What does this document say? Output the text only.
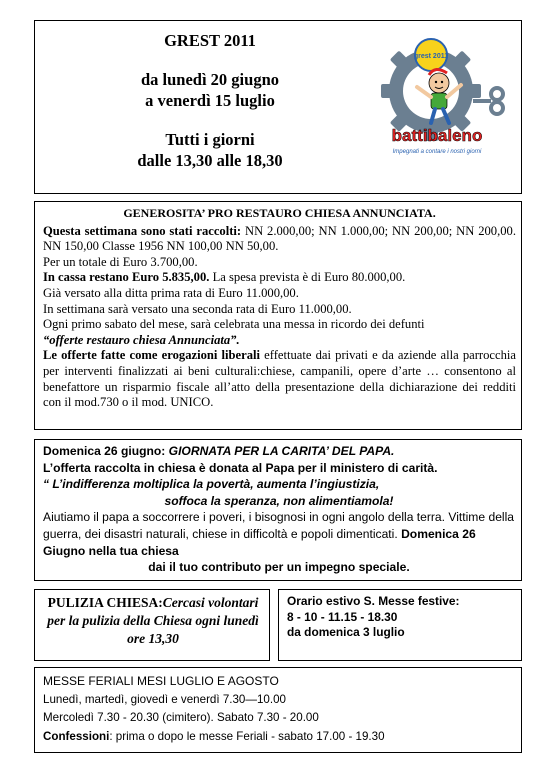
GREST 2011
da lunedì 20 giugno
a venerdì 15 luglio
Tutti i giorni
dalle 13,30 alle 18,30
grest 2011
battibaleno
Impegnati a contare i nostri giorni

GENEROSITA’ PRO RESTAURO CHIESA ANNUNCIATA.

Questa settimana sono stati raccolti: NN 2.000,00; NN 1.000,00; NN 200,00; NN 200,00. NN 150,00 Classe 1956 NN 100,00 NN 50,00.

Per un totale di Euro 3.700,00.

In cassa restano Euro 5.835,00. La spesa prevista è di Euro 80.000,00.

Già versato alla ditta prima rata di Euro 11.000,00.

In settimana sarà versato una seconda rata di Euro 11.000,00.

Ogni primo sabato del mese, sarà celebrata una messa in ricordo dei defunti

“offerte restauro chiesa Annunciata”.

Le offerte fatte come erogazioni liberali effettuate dai privati e da aziende alla parrocchia per interventi finalizzati ai beni culturali:chiese, campanili, opere d’arte … consentono al benefattore un risparmio fiscale all’atto della presentazione della dichiarazione dei redditi con il mod.730 o il mod. UNICO.

Domenica 26 giugno: GIORNATA PER LA CARITA’ DEL PAPA.

L’offerta raccolta in chiesa è donata al Papa per il ministero di carità.

“ L’indifferenza moltiplica la povertà, aumenta l’ingiustizia,

soffoca la speranza, non alimentiamola!

Aiutiamo il papa a soccorrere i poveri, i bisognosi in ogni angolo della terra. Vittime della guerra, dei disastri naturali, chiese in difficoltà e popoli dimenticati. Domenica 26 Giugno nella tua chiesa

dai il tuo contributo per un impegno speciale.

PULIZIA CHIESA:Cercasi volontari per la pulizia della Chiesa ogni lunedì ore 13,30

Orario estivo S. Messe festive:

8 - 10 - 11.15 - 18.30

da domenica 3 luglio

MESSE FERIALI MESI LUGLIO E AGOSTO

Lunedì, martedì, giovedì e venerdì 7.30—10.00

Mercoledì 7.30 - 20.30 (cimitero). Sabato 7.30 - 20.00

Confessioni: prima o dopo le messe Feriali - sabato 17.00 - 19.30
